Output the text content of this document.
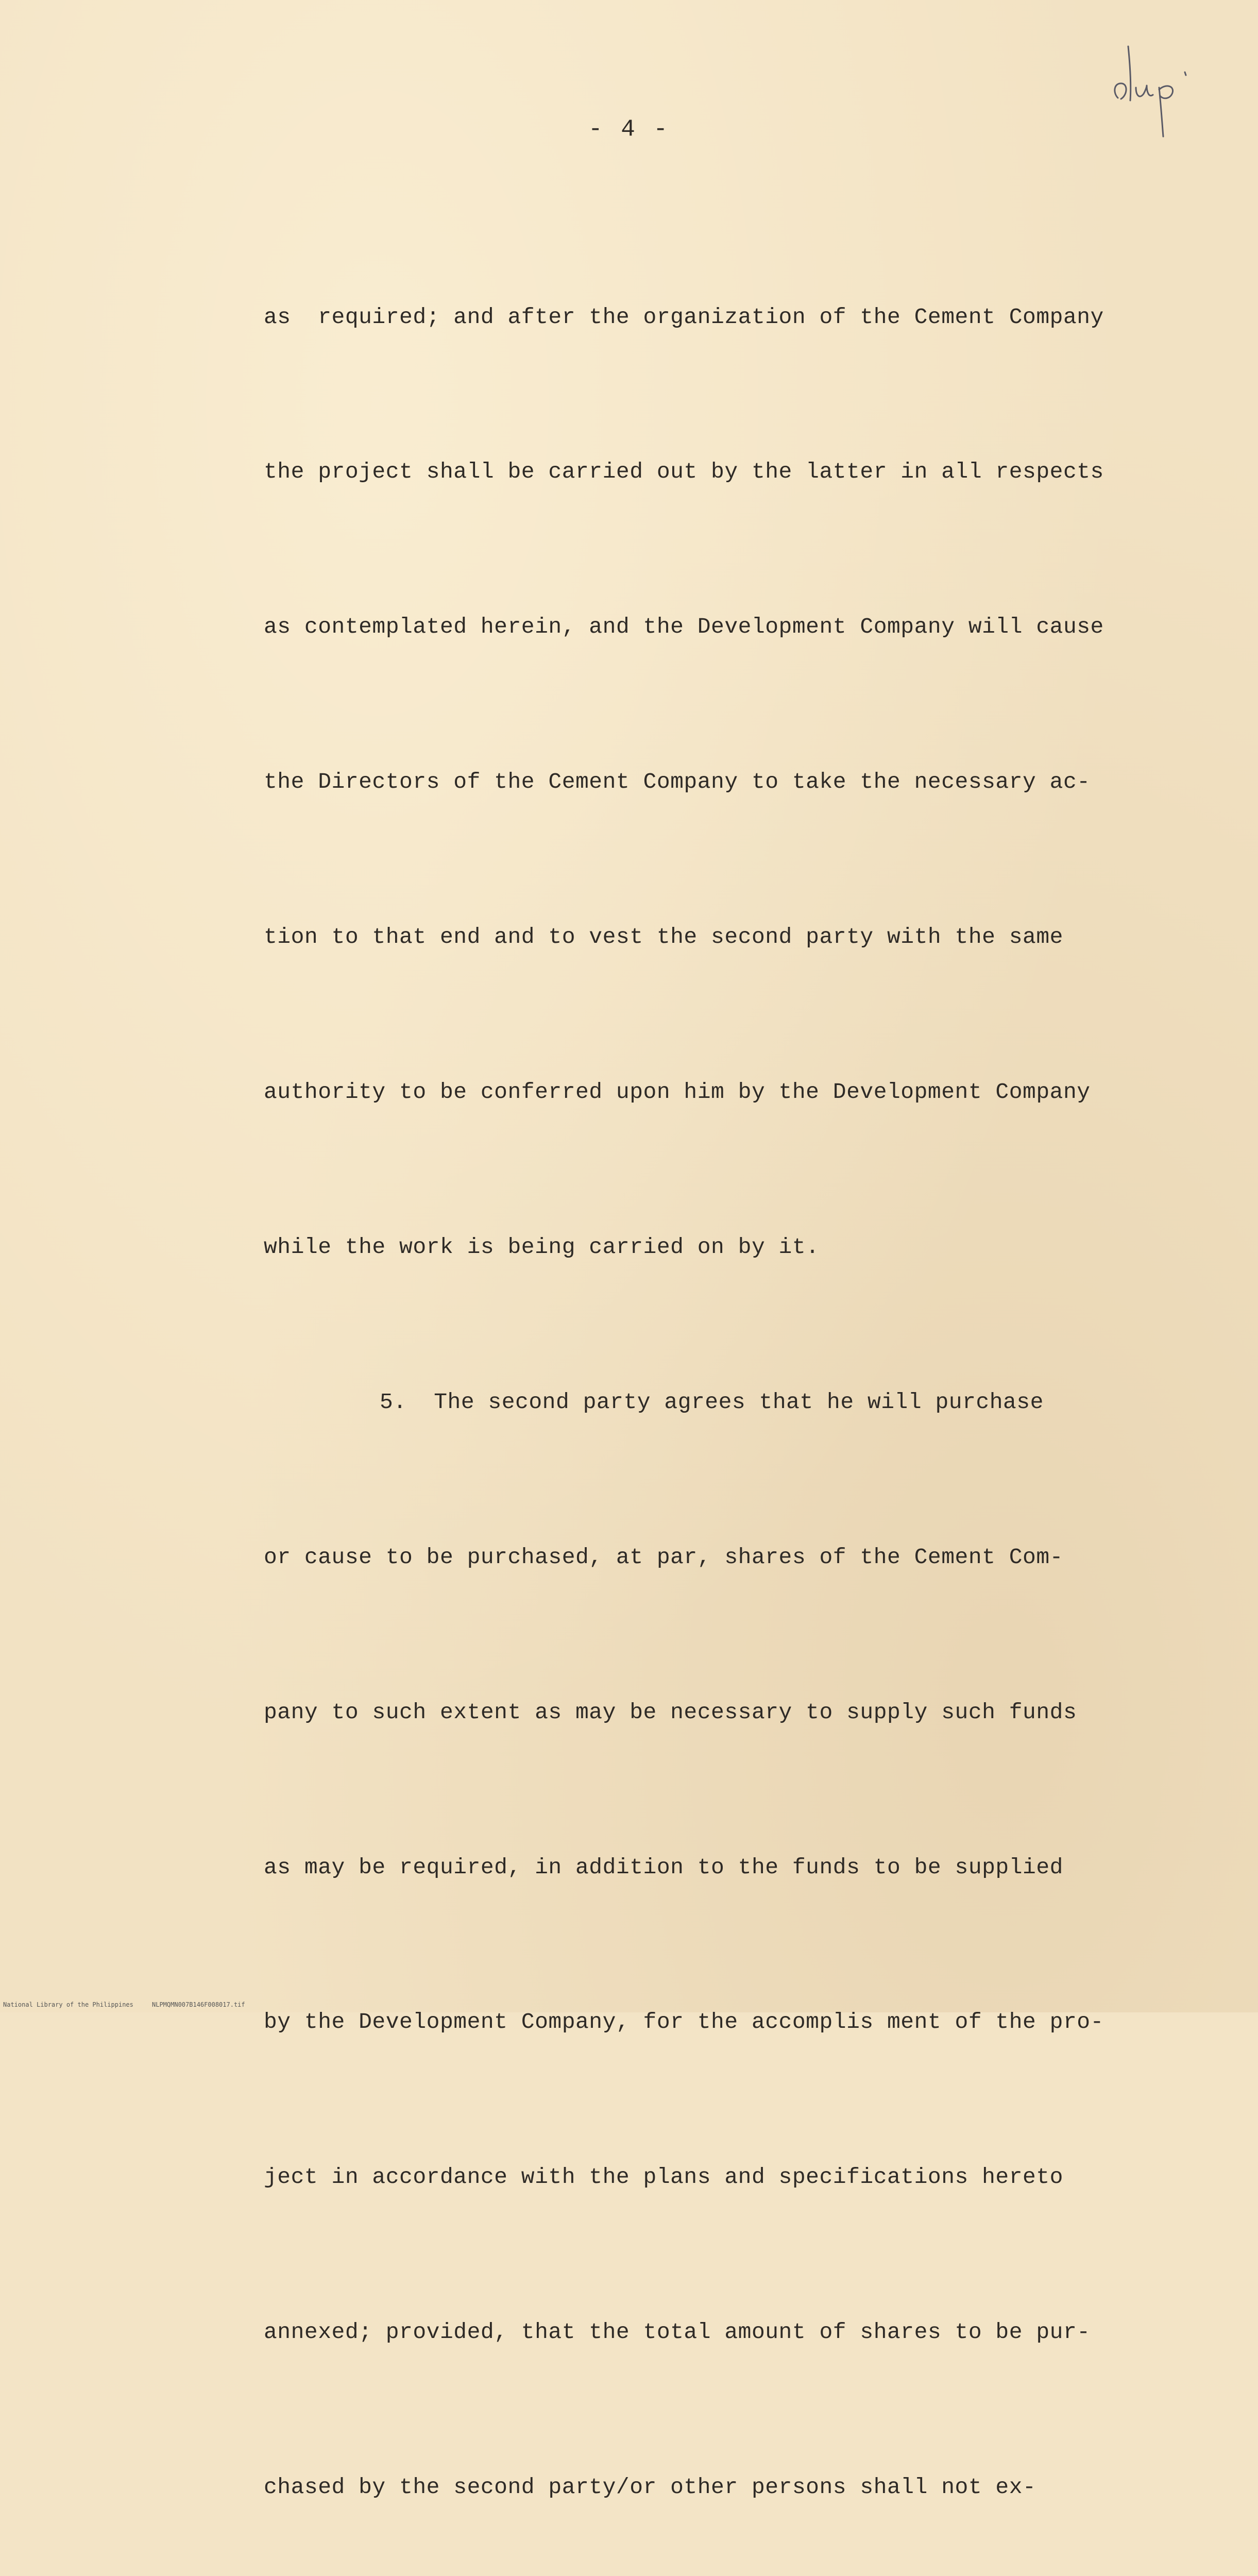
- 4 -

as  required; and after the organization of the Cement Company

the project shall be carried out by the latter in all respects

as contemplated herein, and the Development Company will cause

the Directors of the Cement Company to take the necessary ac-

tion to that end and to vest the second party with the same

authority to be conferred upon him by the Development Company

while the work is being carried on by it.

5.  The second party agrees that he will purchase

or cause to be purchased, at par, shares of the Cement Com-

pany to such extent as may be necessary to supply such funds

as may be required, in addition to the funds to be supplied

by the Development Company, for the accomplis ment of the pro-

ject in accordance with the plans and specifications hereto

annexed; provided, that the total amount of shares to be pur-

chased by the second party/or other persons shall not ex-

National Library of the Philippines	NLPMQMN007B146F008017.tif
